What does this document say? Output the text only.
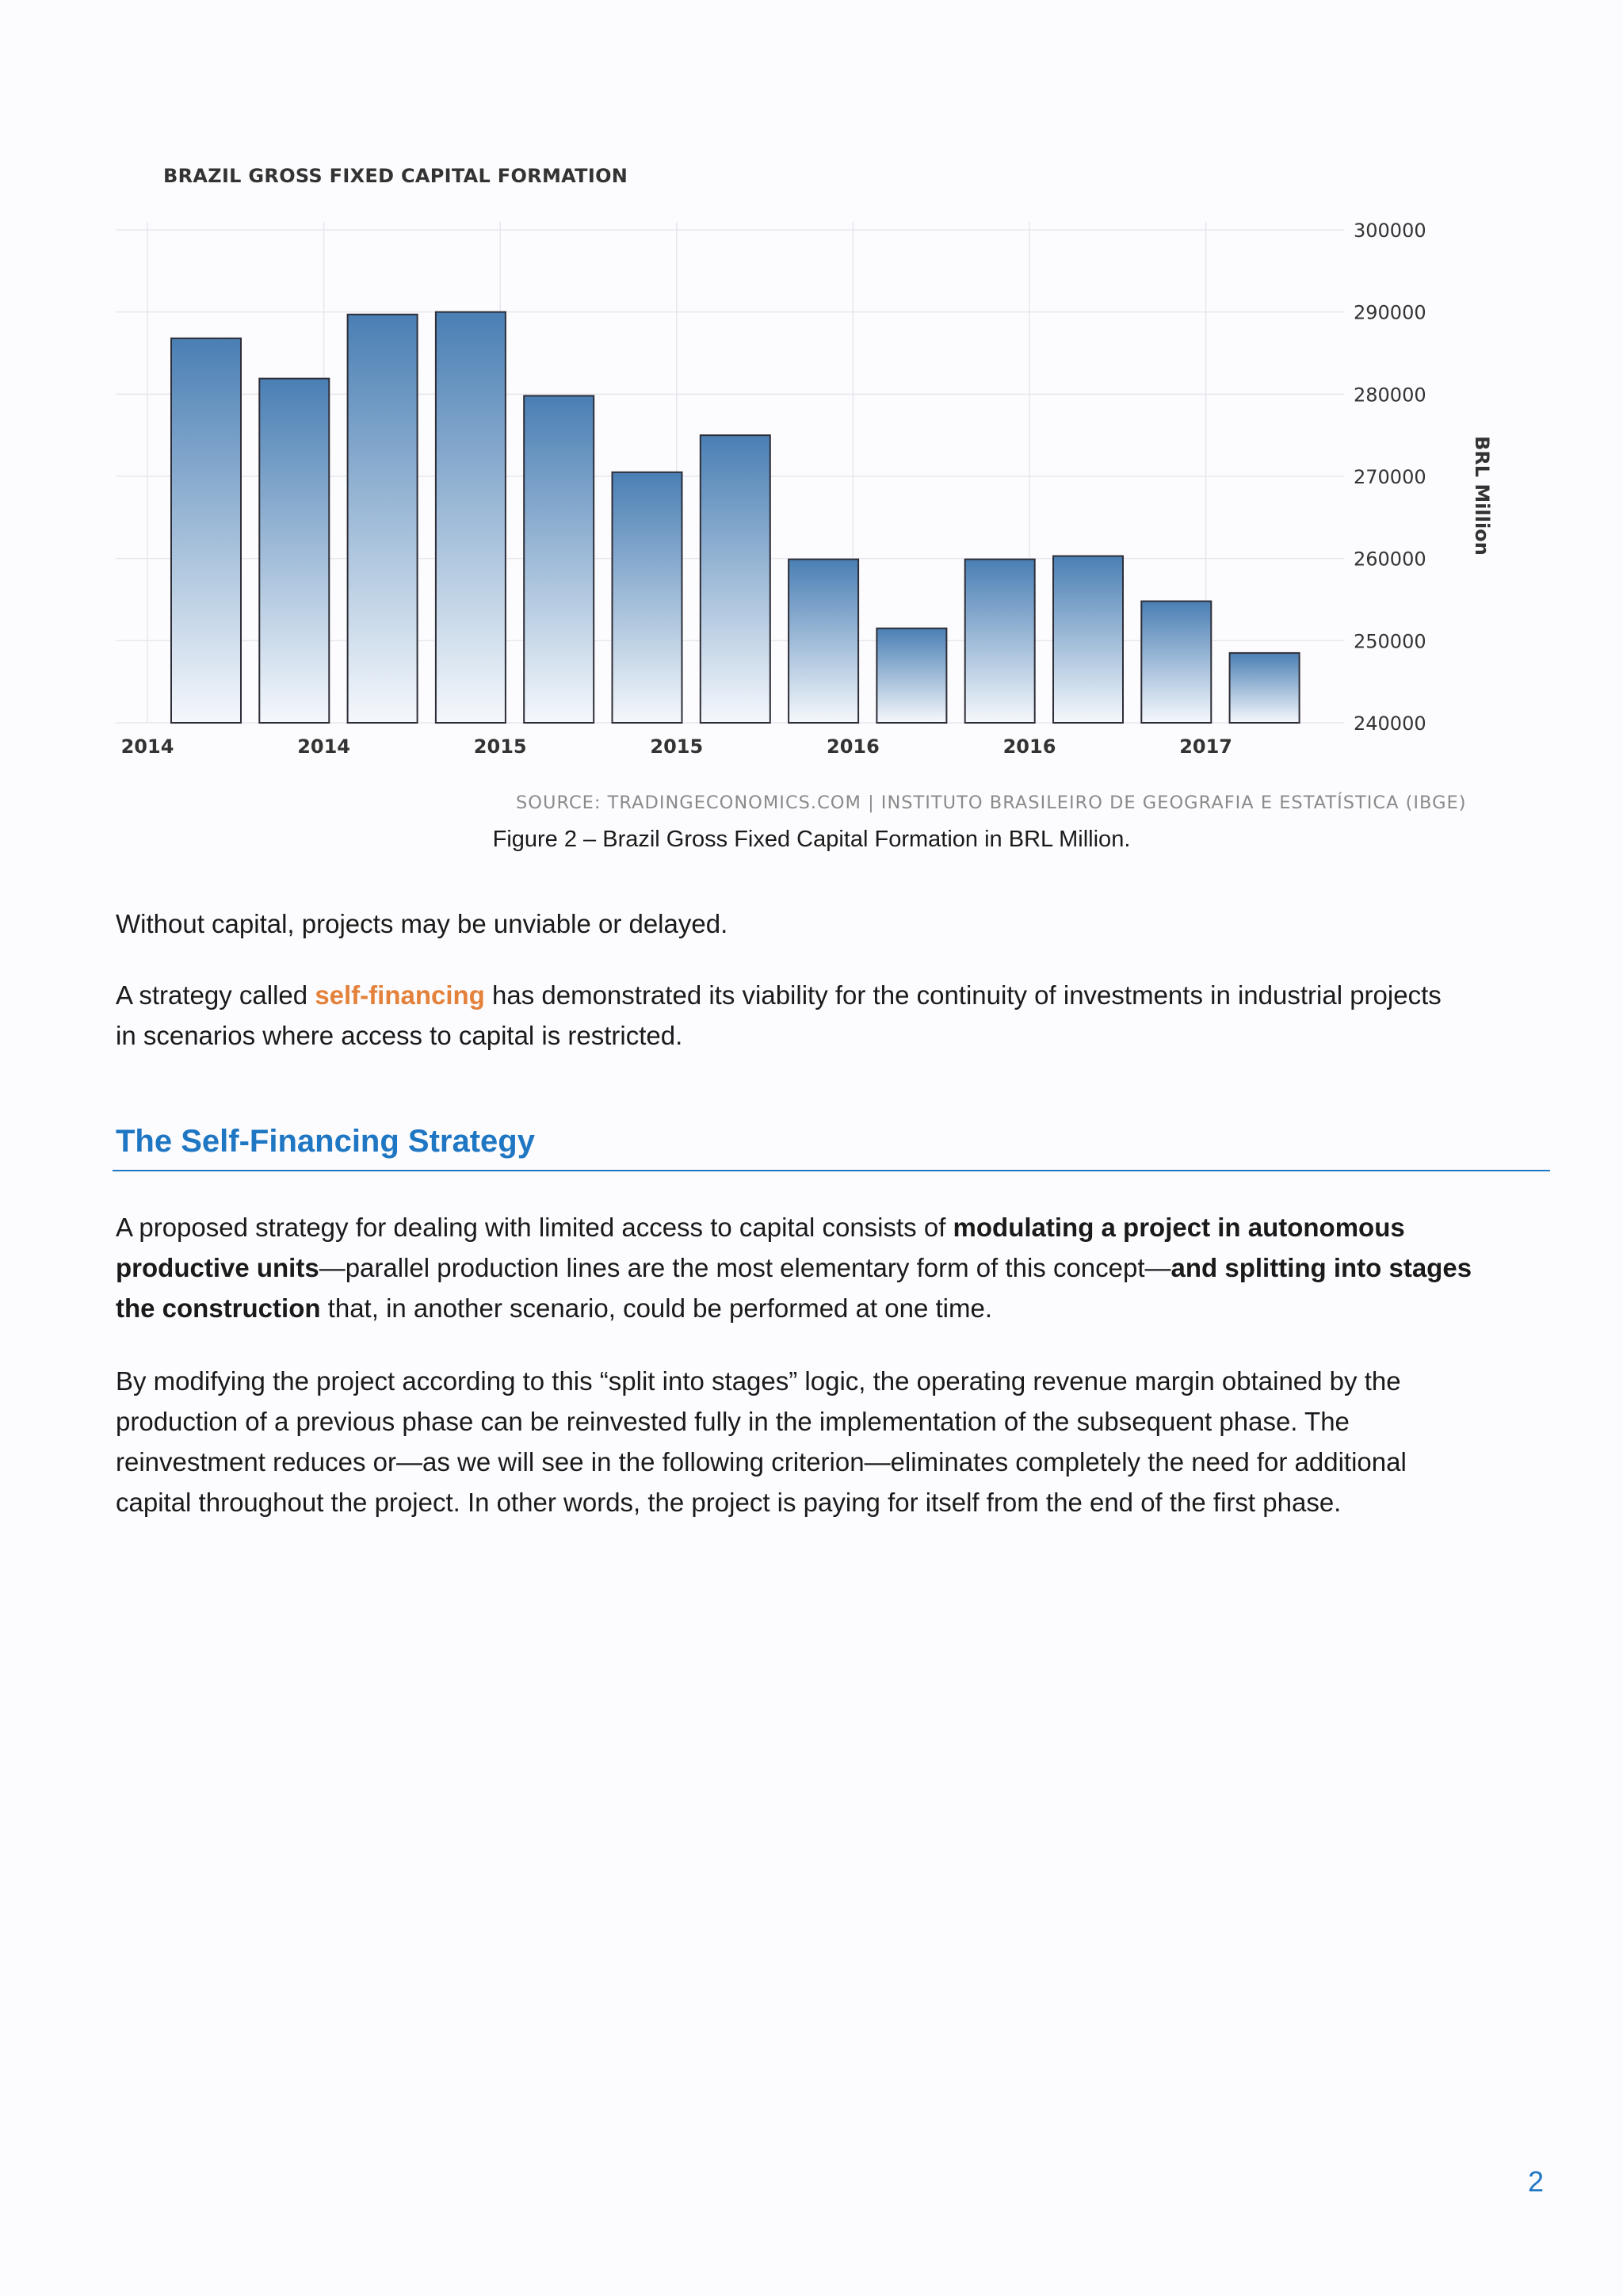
BRAZIL GROSS FIXED CAPITAL FORMATION
300000
290000
280000
270000
260000
250000
240000
2014	2014	2015	2015	2016	2016	2017
BRL Million
SOURCE: TRADINGECONOMICS.COM | INSTITUTO BRASILEIRO DE GEOGRAFIA E ESTATÍSTICA (IBGE)
Figure 2 – Brazil Gross Fixed Capital Formation in BRL Million.

Without capital, projects may be unviable or delayed.

A strategy called self-financing has demonstrated its viability for the continuity of investments in industrial projects
in scenarios where access to capital is restricted.

The Self-Financing Strategy

A proposed strategy for dealing with limited access to capital consists of modulating a project in autonomous
productive units—parallel production lines are the most elementary form of this concept—and splitting into stages
the construction that, in another scenario, could be performed at one time.

By modifying the project according to this “split into stages” logic, the operating revenue margin obtained by the
production of a previous phase can be reinvested fully in the implementation of the subsequent phase. The
reinvestment reduces or—as we will see in the following criterion—eliminates completely the need for additional
capital throughout the project. In other words, the project is paying for itself from the end of the first phase.

2
